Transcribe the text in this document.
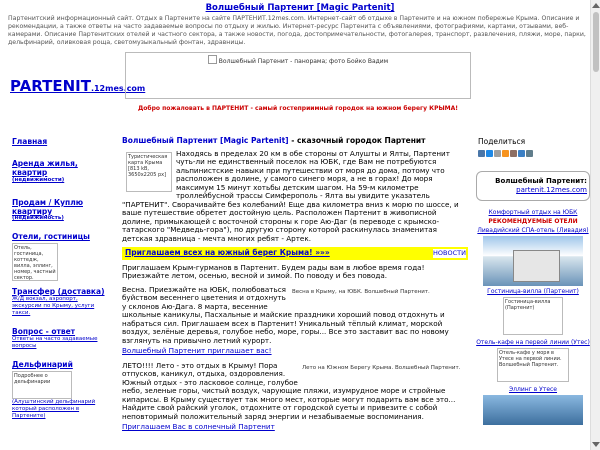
Волшебный Партенит [Magic Partenit]
Партенитский информационный сайт. Отдых в Партените на сайте ПАРТЕНИТ.12mes.com. Интернет-сайт об отдыхе в Партените и на южном побережье Крыма. Описание и рекомендации, а также ответы на часто задаваемые вопросы по отдыху и жилью. Интернет-ресурс Партенита с объявлениями, фотографиями, картами, отзывами, веб-камерами. Описание Партенитских отелей и частного сектора, а также новости, погода, достопримечательности, фотогалерея, транспорт, развлечения, пляжи, море, парки, дельфинарий, оливковая роща, светомузыкальный фонтан, здравницы.
PARTENIT.12mes.com
Волшебный Партенит - панорама; фото Бойко Вадим
Добро пожаловать в ПАРТЕНИТ - самый гостеприимный городок на южном берегу КРЫМА!
Главная
Аренда жилья, квартир
(недвижимости)
Продам / Куплю квартиру
(недвижимость)
Отели, гостиницы
Отель, гостиница, коттедж, вилла, эллинг, номер, частный сектор.
Трансфер (доставка)
Ж/Д вокзал, аэропорт, экскурсии по Крыму, услуги такси.
Вопрос - ответ
Ответы на часто задаваемые вопросы
Дельфинарий
Подробнее о дельфинарии
(Алуштинский дельфинарий который расположен в Партените)
Волшебный Партенит [Magic Partenit] - сказочный городок Партенит
Туристическая карта Крыма [813 kB, 3650x2205 px]

Находясь в пределах 20 км в обе стороны от Алушты и Ялты, Партенит чуть-ли не единственный поселок на ЮБК, где Вам не потребуются альпинистские навыки при путешествии от моря до дома, потому что расположен в долине, у самого синего моря, а не в горах! До моря максимум 15 минут хотьбы детским шагом. На 59-м километре троллейбусной трассы Симферополь - Ялта вы увидите указатель "ПАРТЕНИТ". Сворачивайте без колебаний! Еще два километра вниз к морю по шоссе, и ваше путешествие обретет достойную цель. Расположен Партенит в живописной долине, примыкающей с восточной стороны к горе Аю-Даг (в переводе с крымско-татарского "Медведь-гора"), по другую сторону которой раскинулась знаменитая детская здравница - мечта многих ребят - Артек.

Приглашаем всех на южный берег Крыма! »»»	НОВОСТИ

Приглашаем Крым-гурманов в Партенит. Будем рады вам в любое время года! Приезжайте летом, осенью, весной и зимой. По поводу и без повода.

Весна в Крыму, на ЮБК. Волшебный Партенит.

Весна. Приезжайте на ЮБК, полюбоваться буйством весеннего цветения и отдохнуть у склонов Аю-Дага. 8 марта, весенние школьные каникулы, Пасхальные и майские праздники хороший повод отдохнуть и набраться сил. Приглашаем всех в Партенит! Уникальный тёплый климат, морской воздух, зелёные деревья, голубое небо, море, горы... Все это заставит вас по новому взглянуть на привычно летний курорт.

Волшебный Партенит приглашает вас!
Лето на Южном Берегу Крыма. Волшебный Партенит.

ЛЕТО!!!! Лето - это отдых в Крыму! Пора отпусков, каникул, отдыха, оздоровления. Южный отдых - это ласковое солнце, голубое небо, зеленые горы, чистый воздух, чарующие пляжи, изумрудное море и стройные кипарисы. В Крыму существует так много мест, которые могут подарить вам все это... Найдите свой райский уголок, отдохните от городской суеты и привезите с собой неповторимый положительный заряд энергии и незабываемые воспоминания.

Приглашаем Вас в солнечный Партенит
Поделиться
Волшебный Партенит:
partenit.12mes.com
Комфортный отдых на ЮБК
РЕКОМЕНДУЕМЫЕ ОТЕЛИ
Ливадийский СПА-отель (Ливадия)
Гостиница-вилла (Партенит)
Гостиница-вилла (Партенит)
Отель-кафе на первой линии (Утес)
Отель-кафе у моря в Утесе на первой линии. Волшебный Партенит.
Эллинг в Утесе
